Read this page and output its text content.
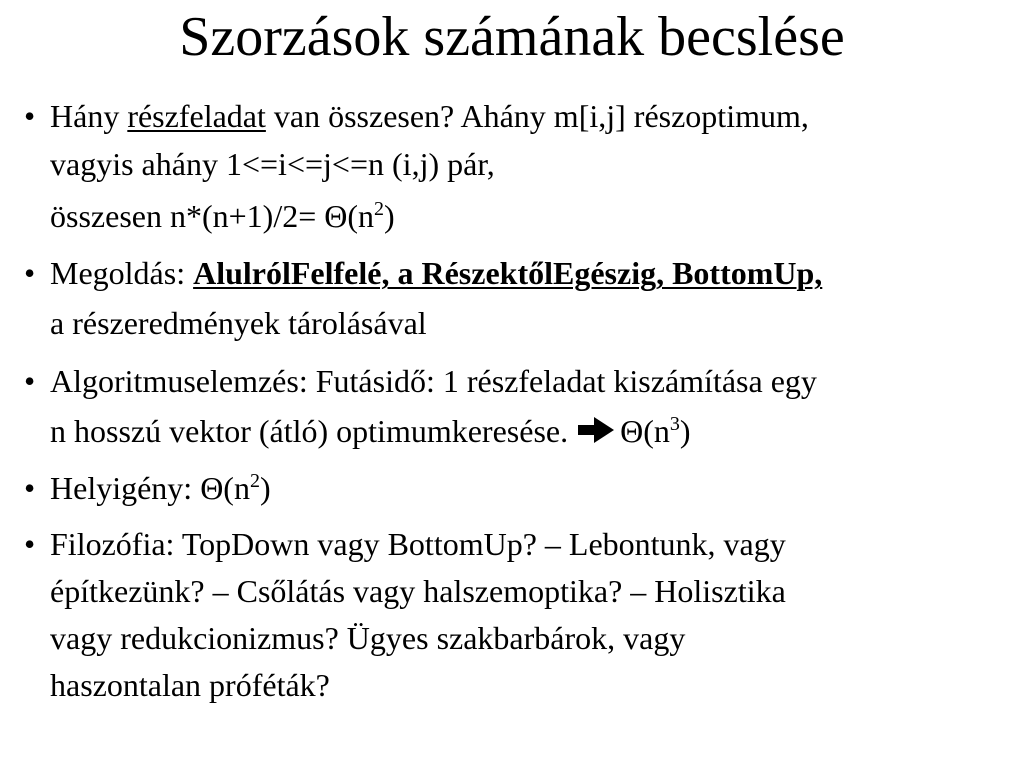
Szorzások számának becslése
• Hány részfeladat van összesen? Ahány m[i,j] részoptimum,
vagyis ahány 1<=i<=j<=n (i,j) pár,
összesen $n*(n+1)/2= \Theta(n^2)$
• Megoldás: AlulrólFelfelé, a RészektőlEgészig, BottomUp,
a részeredmények tárolásával
• Algoritmuselemzés: Futásidő: 1 részfeladat kiszámítása egy
n hosszú vektor (átló) optimumkeresése. $\Theta(n^3)$
• Helyigény: $\Theta(n^2)$
• Filozófia: TopDown vagy BottomUp? – Lebontunk, vagy
építkezünk? – Csőlátás vagy halszemoptika? – Holisztika
vagy redukcionizmus? Ügyes szakbarbárok, vagy
haszontalan próféták?
